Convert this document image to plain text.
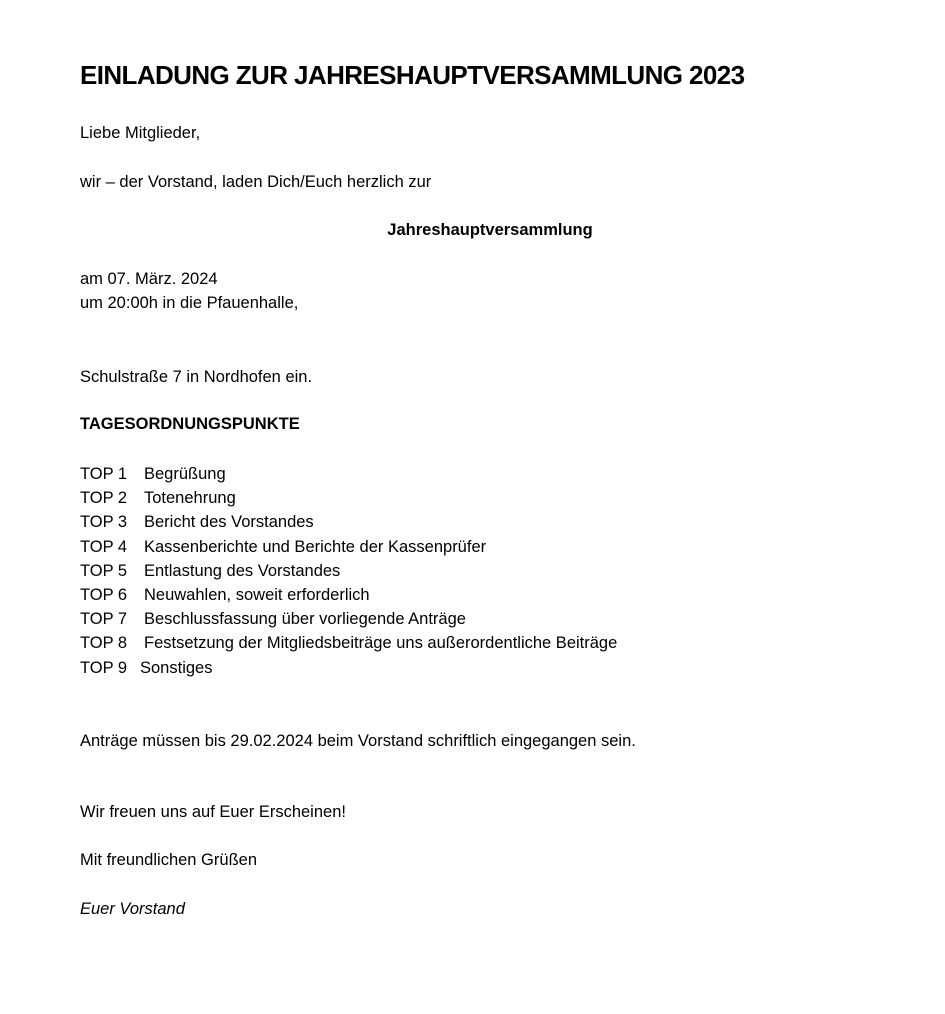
EINLADUNG ZUR JAHRESHAUPTVERSAMMLUNG 2023

Liebe Mitglieder,

wir – der Vorstand, laden Dich/Euch herzlich zur

Jahreshauptversammlung

am 07. März. 2024

um 20:00h in die Pfauenhalle,

Schulstraße 7 in Nordhofen ein.

TAGESORDNUNGSPUNKTE

TOP 1 Begrüßung
TOP 2 Totenehrung
TOP 3 Bericht des Vorstandes
TOP 4 Kassenberichte und Berichte der Kassenprüfer
TOP 5 Entlastung des Vorstandes
TOP 6 Neuwahlen, soweit erforderlich
TOP 7 Beschlussfassung über vorliegende Anträge
TOP 8 Festsetzung der Mitgliedsbeiträge uns außerordentliche Beiträge
TOP 9 Sonstiges

Anträge müssen bis 29.02.2024 beim Vorstand schriftlich eingegangen sein.

Wir freuen uns auf Euer Erscheinen!

Mit freundlichen Grüßen

Euer Vorstand
